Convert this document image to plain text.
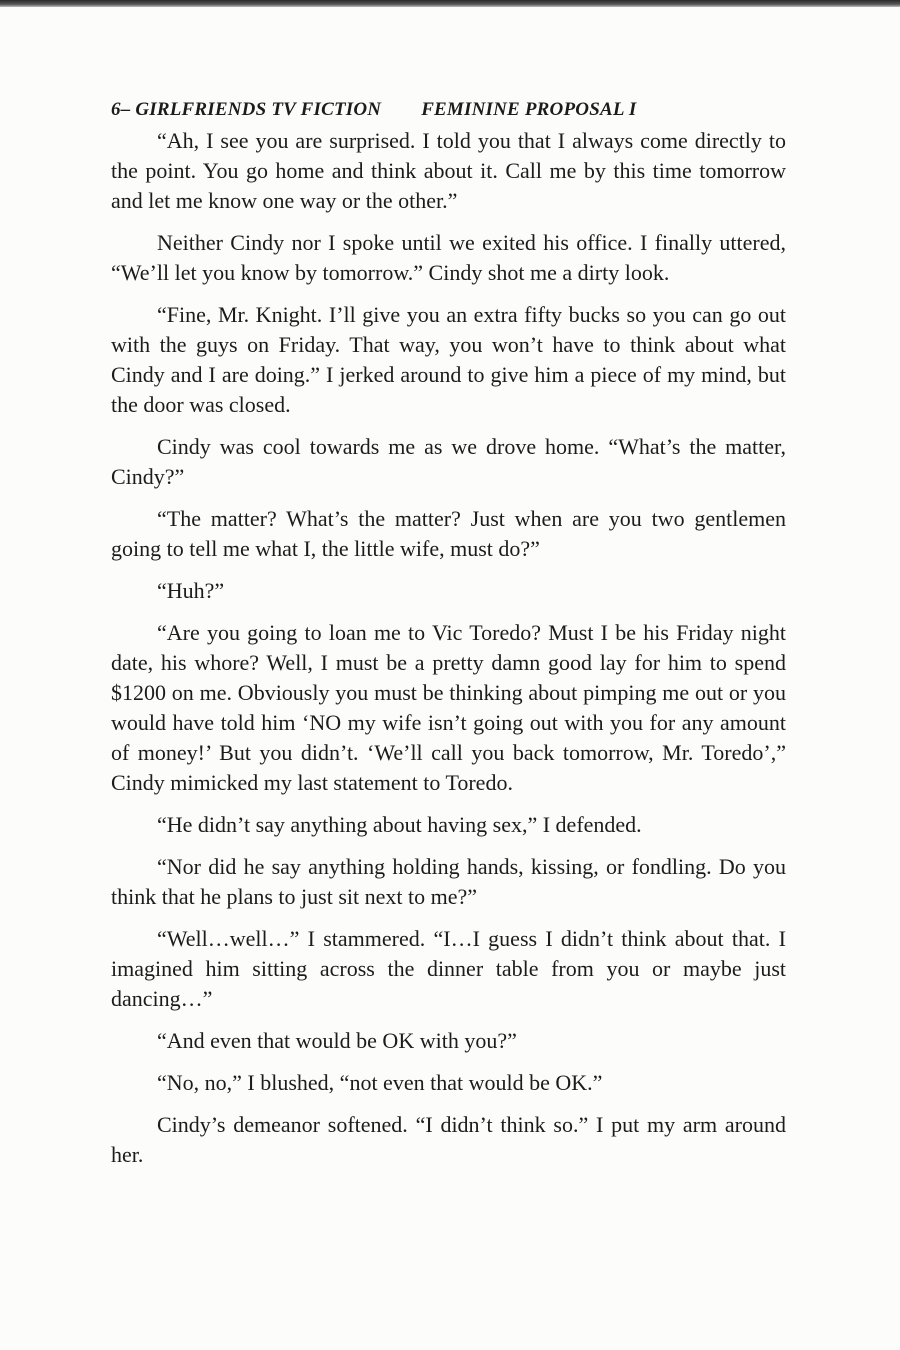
6– GIRLFRIENDS TV FICTION FEMININE PROPOSAL I

“Ah, I see you are surprised. I told you that I always come directly to the point. You go home and think about it. Call me by this time tomorrow and let me know one way or the other.”

Neither Cindy nor I spoke until we exited his office. I finally uttered, “We’ll let you know by tomorrow.” Cindy shot me a dirty look.

“Fine, Mr. Knight. I’ll give you an extra fifty bucks so you can go out with the guys on Friday. That way, you won’t have to think about what Cindy and I are doing.” I jerked around to give him a piece of my mind, but the door was closed.

Cindy was cool towards me as we drove home. “What’s the matter, Cindy?”

“The matter? What’s the matter? Just when are you two gentlemen going to tell me what I, the little wife, must do?”

“Huh?”

“Are you going to loan me to Vic Toredo? Must I be his Friday night date, his whore? Well, I must be a pretty damn good lay for him to spend $1200 on me. Obviously you must be thinking about pimping me out or you would have told him ‘NO my wife isn’t going out with you for any amount of money!’ But you didn’t. ‘We’ll call you back tomorrow, Mr. Toredo’,” Cindy mimicked my last statement to Toredo.

“He didn’t say anything about having sex,” I defended.

“Nor did he say anything holding hands, kissing, or fondling. Do you think that he plans to just sit next to me?”

“Well…well…” I stammered. “I…I guess I didn’t think about that. I imagined him sitting across the dinner table from you or maybe just dancing…”

“And even that would be OK with you?”

“No, no,” I blushed, “not even that would be OK.”

Cindy’s demeanor softened. “I didn’t think so.” I put my arm around her.
